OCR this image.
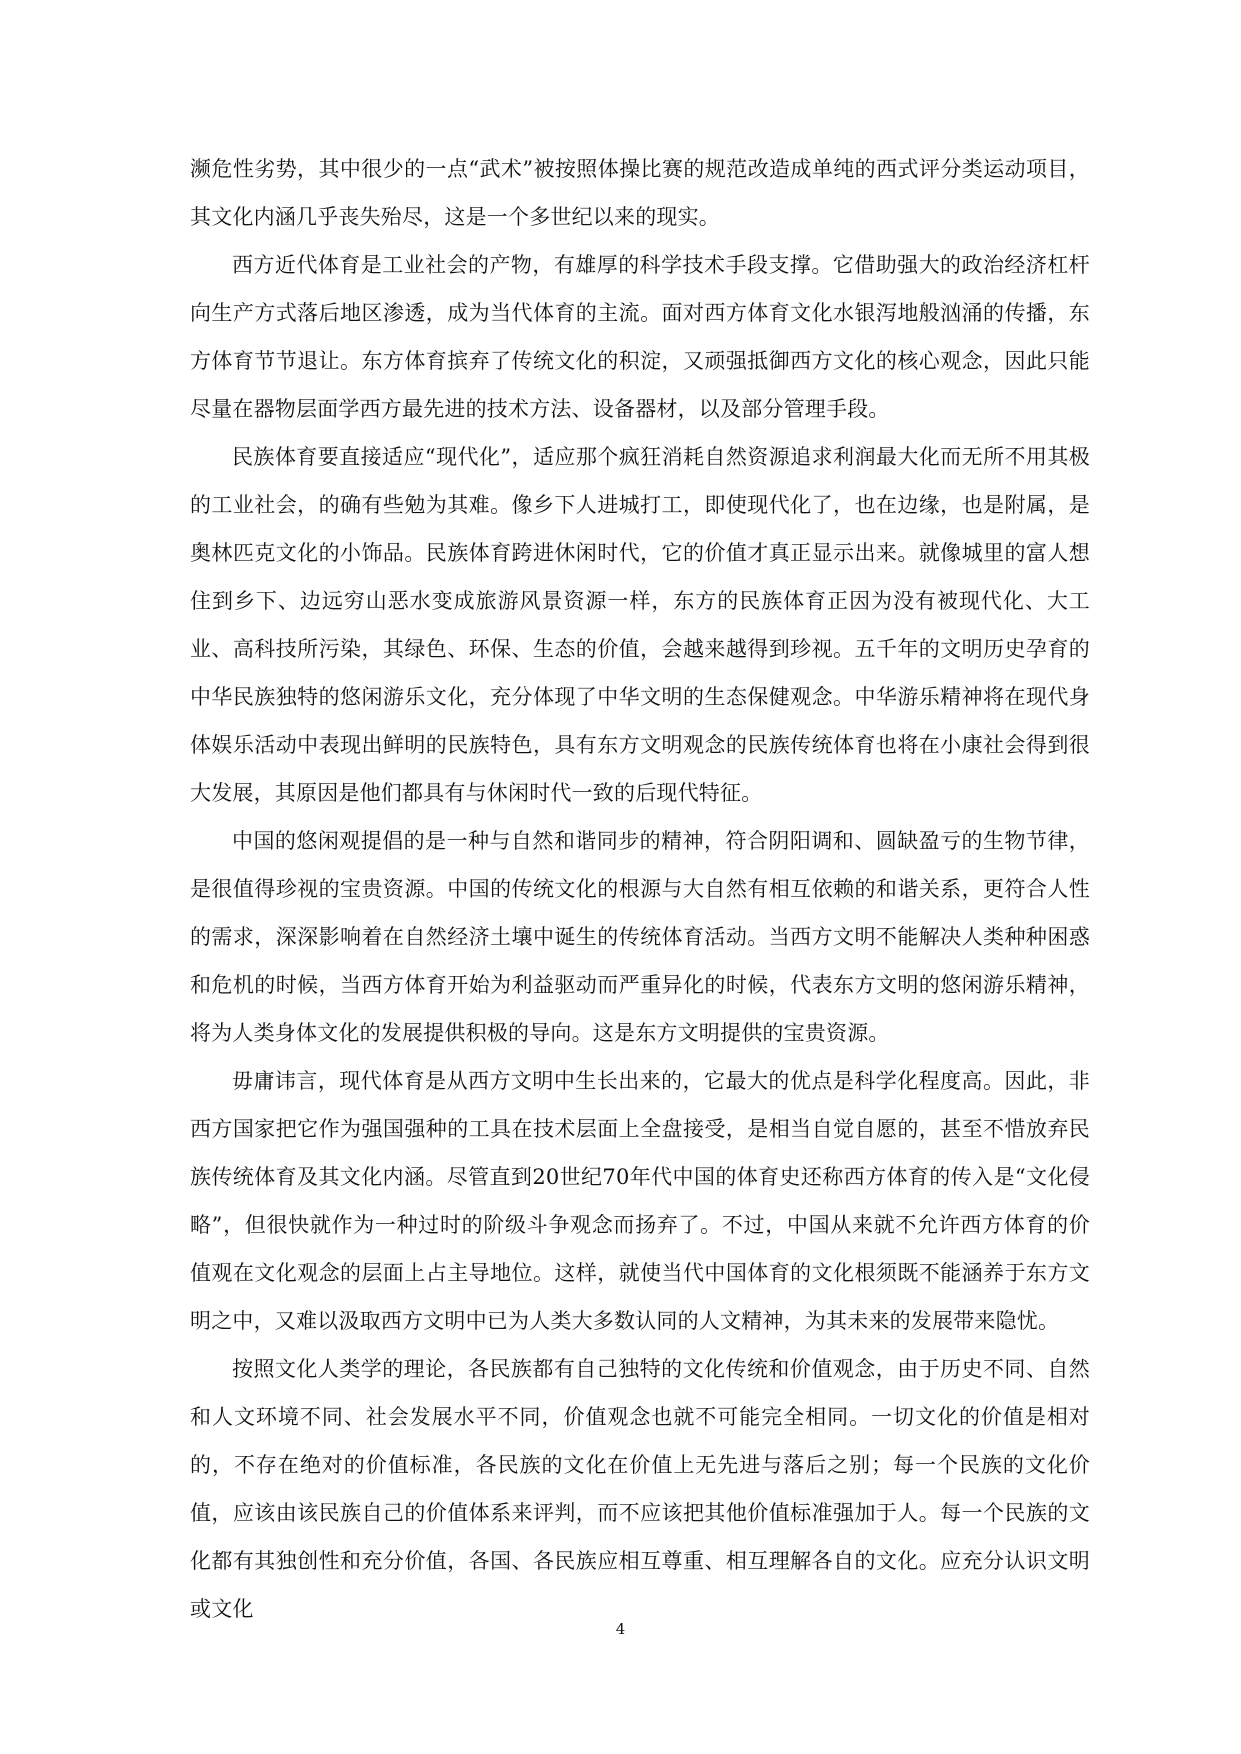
濒危性劣势，其中很少的一点“武术”被按照体操比赛的规范改造成单纯的西式评分类运动项目，其文化内涵几乎丧失殆尽，这是一个多世纪以来的现实。

西方近代体育是工业社会的产物，有雄厚的科学技术手段支撑。它借助强大的政治经济杠杆向生产方式落后地区渗透，成为当代体育的主流。面对西方体育文化水银泻地般汹涌的传播，东方体育节节退让。东方体育摈弃了传统文化的积淀，又顽强抵御西方文化的核心观念，因此只能尽量在器物层面学西方最先进的技术方法、设备器材，以及部分管理手段。

民族体育要直接适应“现代化”，适应那个疯狂消耗自然资源追求利润最大化而无所不用其极的工业社会，的确有些勉为其难。像乡下人进城打工，即使现代化了，也在边缘，也是附属，是奥林匹克文化的小饰品。民族体育跨进休闲时代，它的价值才真正显示出来。就像城里的富人想住到乡下、边远穷山恶水变成旅游风景资源一样，东方的民族体育正因为没有被现代化、大工业、高科技所污染，其绿色、环保、生态的价值，会越来越得到珍视。五千年的文明历史孕育的中华民族独特的悠闲游乐文化，充分体现了中华文明的生态保健观念。中华游乐精神将在现代身体娱乐活动中表现出鲜明的民族特色，具有东方文明观念的民族传统体育也将在小康社会得到很大发展，其原因是他们都具有与休闲时代一致的后现代特征。

中国的悠闲观提倡的是一种与自然和谐同步的精神，符合阴阳调和、圆缺盈亏的生物节律，是很值得珍视的宝贵资源。中国的传统文化的根源与大自然有相互依赖的和谐关系，更符合人性的需求，深深影响着在自然经济土壤中诞生的传统体育活动。当西方文明不能解决人类种种困惑和危机的时候，当西方体育开始为利益驱动而严重异化的时候，代表东方文明的悠闲游乐精神，将为人类身体文化的发展提供积极的导向。这是东方文明提供的宝贵资源。

毋庸讳言，现代体育是从西方文明中生长出来的，它最大的优点是科学化程度高。因此，非西方国家把它作为强国强种的工具在技术层面上全盘接受，是相当自觉自愿的，甚至不惜放弃民族传统体育及其文化内涵。尽管直到20世纪70年代中国的体育史还称西方体育的传入是“文化侵略”，但很快就作为一种过时的阶级斗争观念而扬弃了。不过，中国从来就不允许西方体育的价值观在文化观念的层面上占主导地位。这样，就使当代中国体育的文化根须既不能涵养于东方文明之中，又难以汲取西方文明中已为人类大多数认同的人文精神，为其未来的发展带来隐忧。

按照文化人类学的理论，各民族都有自己独特的文化传统和价值观念，由于历史不同、自然和人文环境不同、社会发展水平不同，价值观念也就不可能完全相同。一切文化的价值是相对的，不存在绝对的价值标准，各民族的文化在价值上无先进与落后之别；每一个民族的文化价值，应该由该民族自己的价值体系来评判，而不应该把其他价值标准强加于人。每一个民族的文化都有其独创性和充分价值，各国、各民族应相互尊重、相互理解各自的文化。应充分认识文明或文化

4
